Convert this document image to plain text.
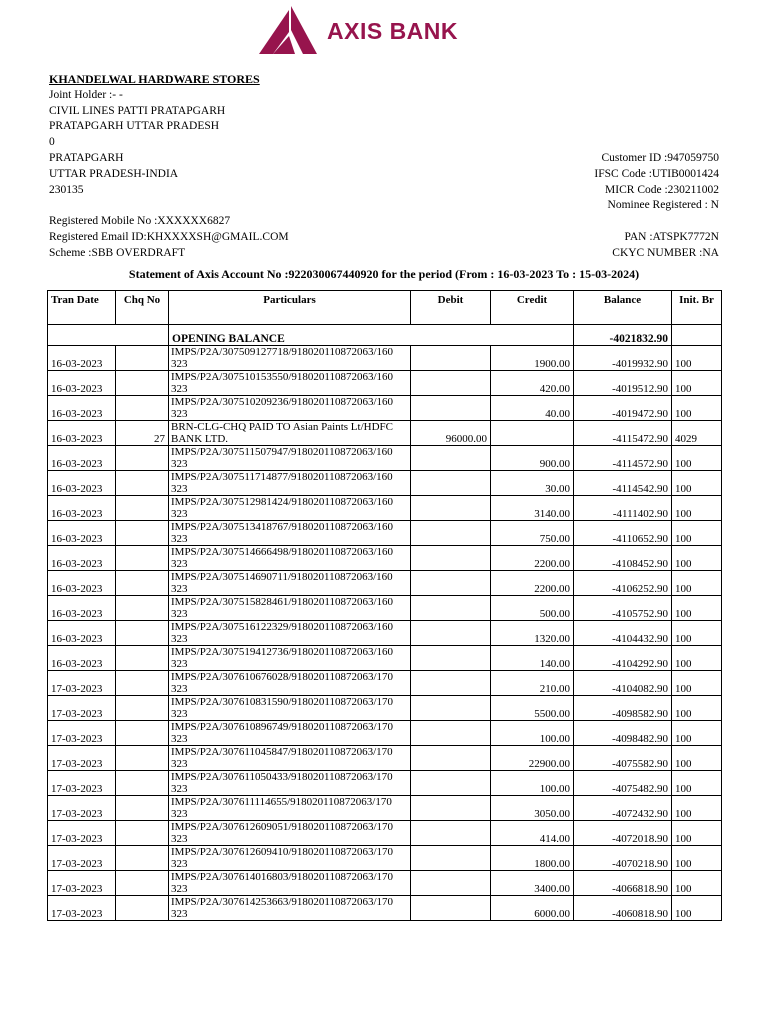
AXIS BANK
KHANDELWAL HARDWARE STORES
Joint Holder :- -
CIVIL LINES PATTI PRATAPGARH
PRATAPGARH UTTAR PRADESH
0
PRATAPGARH
UTTAR PRADESH-INDIA
230135
Customer ID :947059750
IFSC Code :UTIB0001424
MICR Code :230211002
Nominee Registered : N
Registered Mobile No :XXXXXX6827
Registered Email ID:KHXXXXSH@GMAIL.COM
Scheme :SBB OVERDRAFT
PAN :ATSPK7772N
CKYC NUMBER :NA
Statement of Axis Account No :922030067440920 for the period (From : 16-03-2023 To : 15-03-2024)
Tran Date	Chq No	Particulars	Debit	Credit	Balance	Init. Br
		OPENING BALANCE			-4021832.90	
16-03-2023		IMPS/P2A/307509127718/918020110872063/160
323		1900.00	-4019932.90	100
16-03-2023		IMPS/P2A/307510153550/918020110872063/160
323		420.00	-4019512.90	100
16-03-2023		IMPS/P2A/307510209236/918020110872063/160
323		40.00	-4019472.90	100
16-03-2023	27	BRN-CLG-CHQ PAID TO Asian Paints Lt/HDFC
BANK LTD.	96000.00		-4115472.90	4029
16-03-2023		IMPS/P2A/307511507947/918020110872063/160
323		900.00	-4114572.90	100
16-03-2023		IMPS/P2A/307511714877/918020110872063/160
323		30.00	-4114542.90	100
16-03-2023		IMPS/P2A/307512981424/918020110872063/160
323		3140.00	-4111402.90	100
16-03-2023		IMPS/P2A/307513418767/918020110872063/160
323		750.00	-4110652.90	100
16-03-2023		IMPS/P2A/307514666498/918020110872063/160
323		2200.00	-4108452.90	100
16-03-2023		IMPS/P2A/307514690711/918020110872063/160
323		2200.00	-4106252.90	100
16-03-2023		IMPS/P2A/307515828461/918020110872063/160
323		500.00	-4105752.90	100
16-03-2023		IMPS/P2A/307516122329/918020110872063/160
323		1320.00	-4104432.90	100
16-03-2023		IMPS/P2A/307519412736/918020110872063/160
323		140.00	-4104292.90	100
17-03-2023		IMPS/P2A/307610676028/918020110872063/170
323		210.00	-4104082.90	100
17-03-2023		IMPS/P2A/307610831590/918020110872063/170
323		5500.00	-4098582.90	100
17-03-2023		IMPS/P2A/307610896749/918020110872063/170
323		100.00	-4098482.90	100
17-03-2023		IMPS/P2A/307611045847/918020110872063/170
323		22900.00	-4075582.90	100
17-03-2023		IMPS/P2A/307611050433/918020110872063/170
323		100.00	-4075482.90	100
17-03-2023		IMPS/P2A/307611114655/918020110872063/170
323		3050.00	-4072432.90	100
17-03-2023		IMPS/P2A/307612609051/918020110872063/170
323		414.00	-4072018.90	100
17-03-2023		IMPS/P2A/307612609410/918020110872063/170
323		1800.00	-4070218.90	100
17-03-2023		IMPS/P2A/307614016803/918020110872063/170
323		3400.00	-4066818.90	100
17-03-2023		IMPS/P2A/307614253663/918020110872063/170
323		6000.00	-4060818.90	100
